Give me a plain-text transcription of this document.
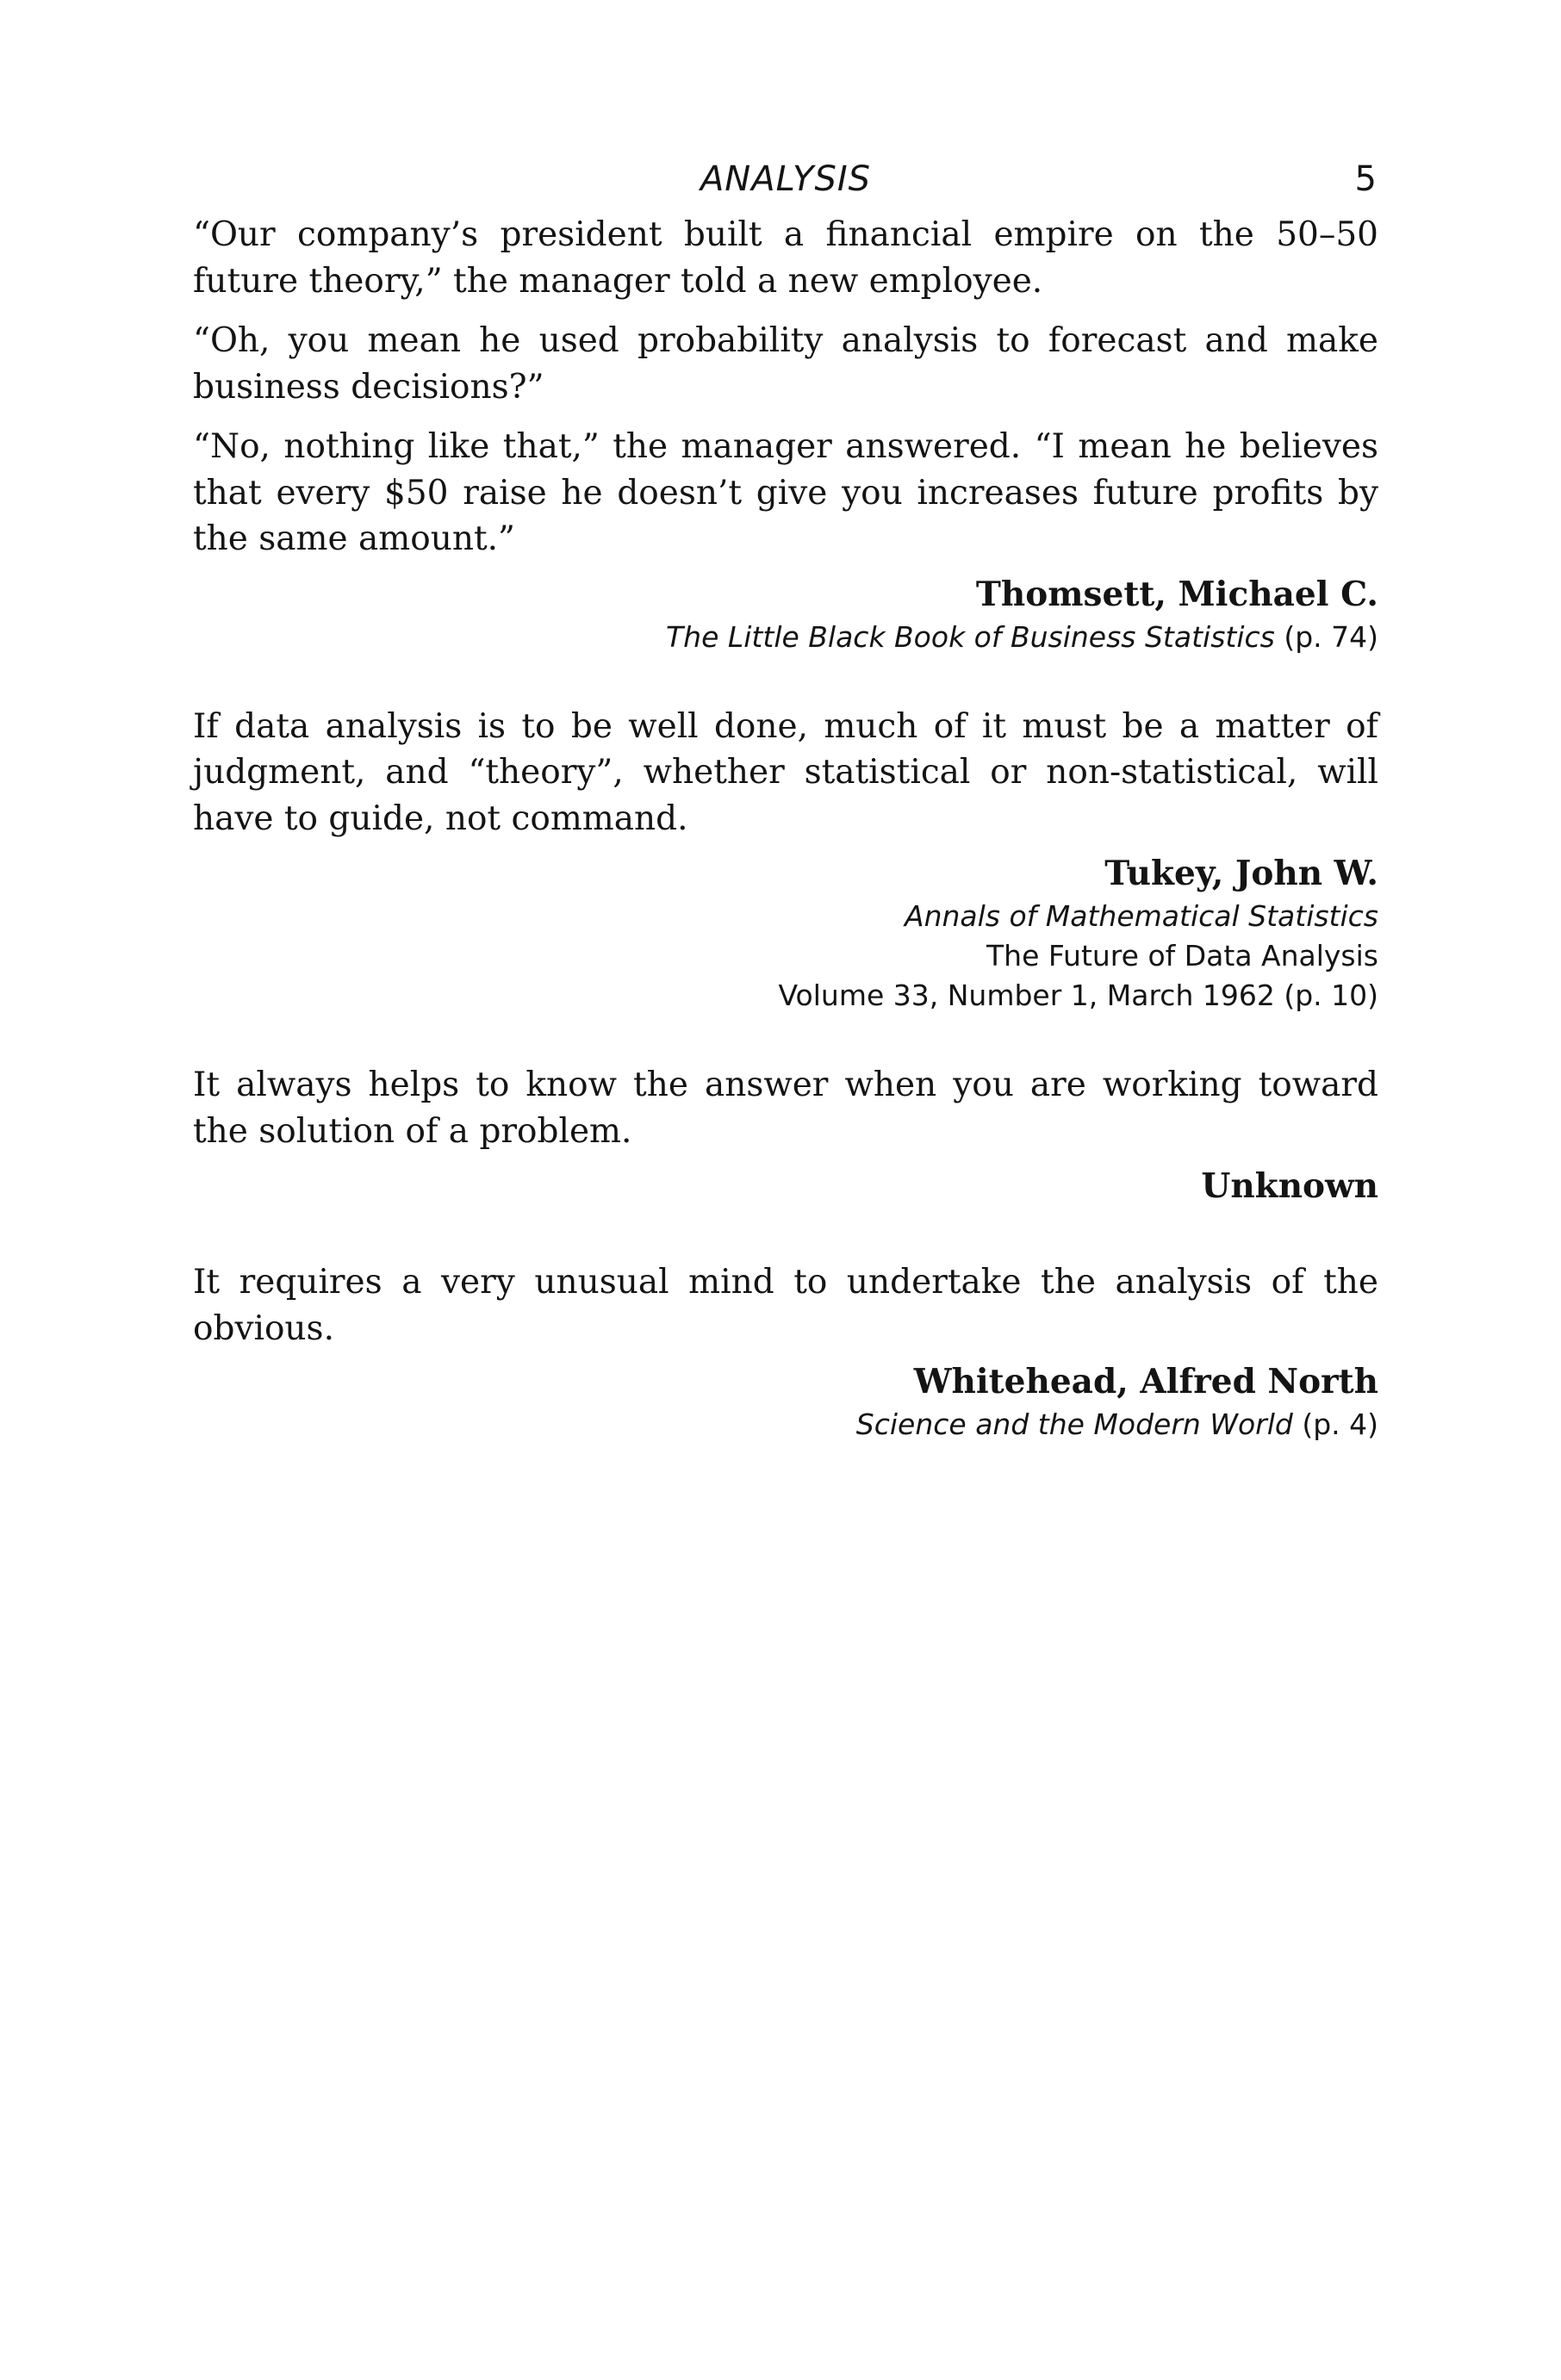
ANALYSIS	5

“Our company’s president built a financial empire on the 50–50 future theory,” the manager told a new employee.

“Oh, you mean he used probability analysis to forecast and make business decisions?”

“No, nothing like that,” the manager answered. “I mean he believes that every $50 raise he doesn’t give you increases future profits by the same amount.”

Thomsett, Michael C.
The Little Black Book of Business Statistics (p. 74)

If data analysis is to be well done, much of it must be a matter of judgment, and “theory”, whether statistical or non-statistical, will have to guide, not command.

Tukey, John W.
Annals of Mathematical Statistics
The Future of Data Analysis
Volume 33, Number 1, March 1962 (p. 10)

It always helps to know the answer when you are working toward the solution of a problem.

Unknown

It requires a very unusual mind to undertake the analysis of the obvious.

Whitehead, Alfred North
Science and the Modern World (p. 4)
